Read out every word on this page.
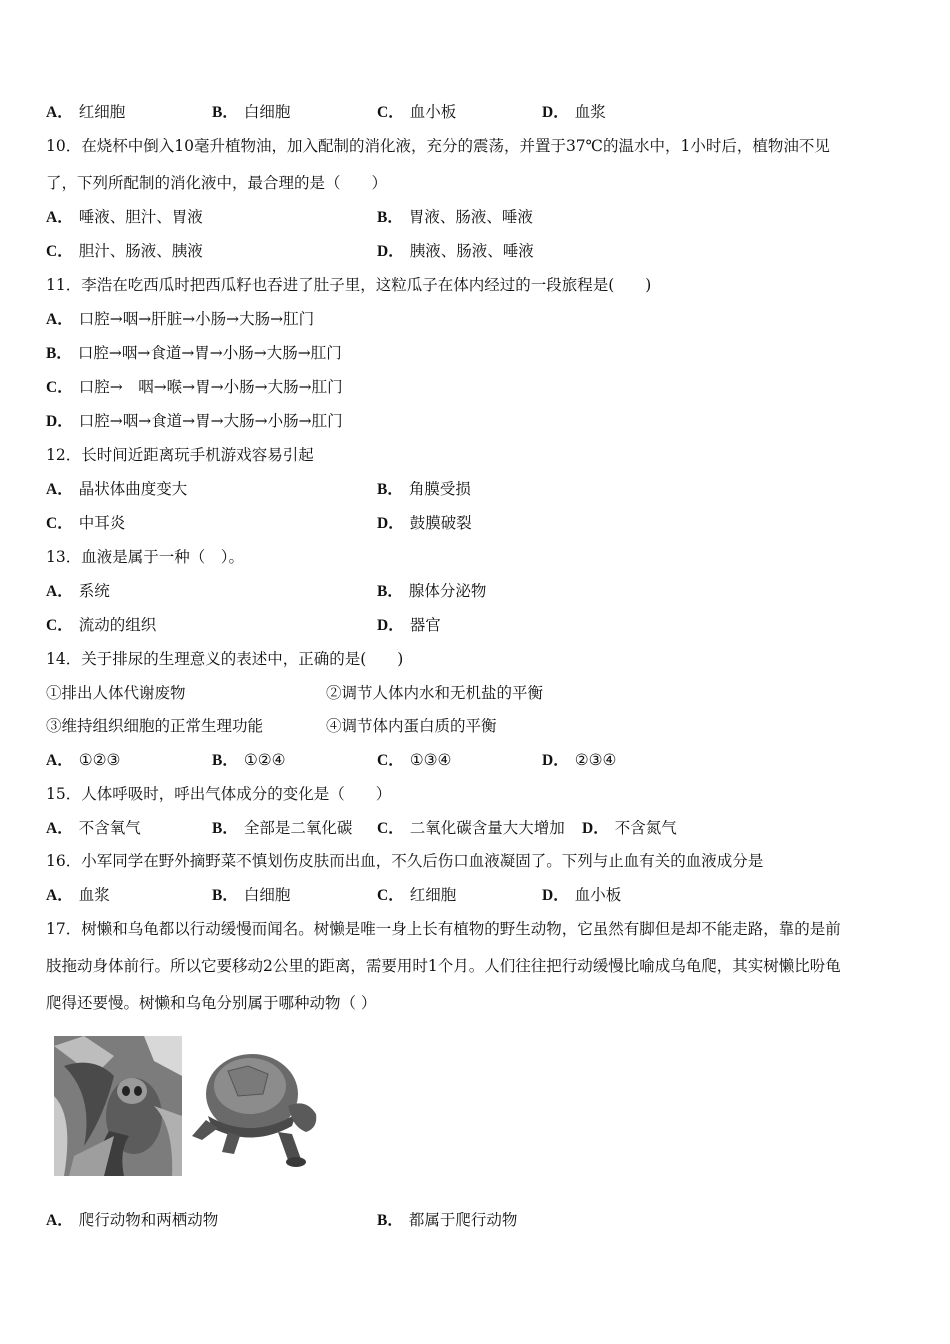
A． 红细胞	B． 白细胞	C． 血小板	D． 血浆
10．在烧杯中倒入10毫升植物油，加入配制的消化液，充分的震荡，并置于37℃的温水中，1小时后，植物油不见
了，下列所配制的消化液中，最合理的是（　　）
A． 唾液、胆汁、胃液	B． 胃液、肠液、唾液
C． 胆汁、肠液、胰液	D． 胰液、肠液、唾液
11．李浩在吃西瓜时把西瓜籽也吞进了肚子里，这粒瓜子在体内经过的一段旅程是(　　)
A． 口腔→咽→肝脏→小肠→大肠→肛门
B． 口腔→咽→食道→胃→小肠→大肠→肛门
C． 口腔→　咽→喉→胃→小肠→大肠→肛门
D． 口腔→咽→食道→胃→大肠→小肠→肛门
12．长时间近距离玩手机游戏容易引起
A． 晶状体曲度变大	B． 角膜受损
C． 中耳炎	D． 鼓膜破裂
13．血液是属于一种（　）。
A． 系统	B． 腺体分泌物
C． 流动的组织	D． 器官
14．关于排尿的生理意义的表述中，正确的是(　　)
①排出人体代谢废物	②调节人体内水和无机盐的平衡
③维持组织细胞的正常生理功能	④调节体内蛋白质的平衡
A． ①②③	B． ①②④	C． ①③④	D． ②③④
15．人体呼吸时，呼出气体成分的变化是（　　）
A． 不含氧气	B． 全部是二氧化碳 C． 二氧化碳含量大大增加 D． 不含氮气
16．小军同学在野外摘野菜不慎划伤皮肤而出血，不久后伤口血液凝固了。下列与止血有关的血液成分是
A． 血浆	B． 白细胞	C． 红细胞	D． 血小板
17．树懒和乌龟都以行动缓慢而闻名。树懒是唯一身上长有植物的野生动物，它虽然有脚但是却不能走路，靠的是前
肢拖动身体前行。所以它要移动2公里的距离，需要用时1个月。人们往往把行动缓慢比喻成乌龟爬，其实树懒比吩龟
爬得还要慢。树懒和乌龟分别属于哪种动物（ ）
A． 爬行动物和两栖动物	B． 都属于爬行动物
